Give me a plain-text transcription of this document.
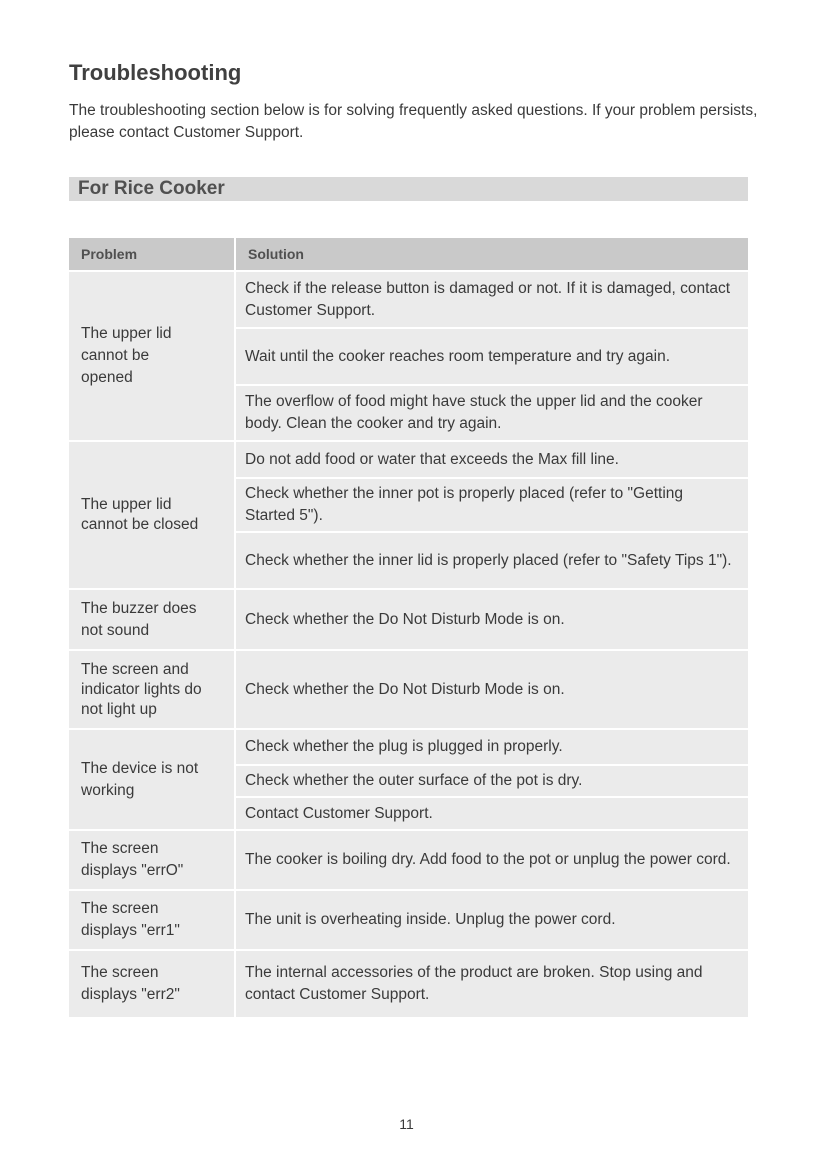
Troubleshooting

The troubleshooting section below is for solving frequently asked questions. If your problem persists, please contact Customer Support.

For Rice Cooker
Problem	Solution
The upper lid cannot be opened
Check if the release button is damaged or not. If it is damaged, contact Customer Support.
Wait until the cooker reaches room temperature and try again.
The overflow of food might have stuck the upper lid and the cooker body. Clean the cooker and try again.
The upper lid cannot be closed
Do not add food or water that exceeds the Max fill line.
Check whether the inner pot is properly placed (refer to "Getting Started 5").
Check whether the inner lid is properly placed (refer to "Safety Tips 1").
The buzzer does not sound
Check whether the Do Not Disturb Mode is on.
The screen and indicator lights do not light up
Check whether the Do Not Disturb Mode is on.
The device is not working
Check whether the plug is plugged in properly.
Check whether the outer surface of the pot is dry.
Contact Customer Support.
The screen displays "errO"
The cooker is boiling dry. Add food to the pot or unplug the power cord.
The screen displays "err1"
The unit is overheating inside. Unplug the power cord.
The screen displays "err2"
The internal accessories of the product are broken. Stop using and contact Customer Support.
11
